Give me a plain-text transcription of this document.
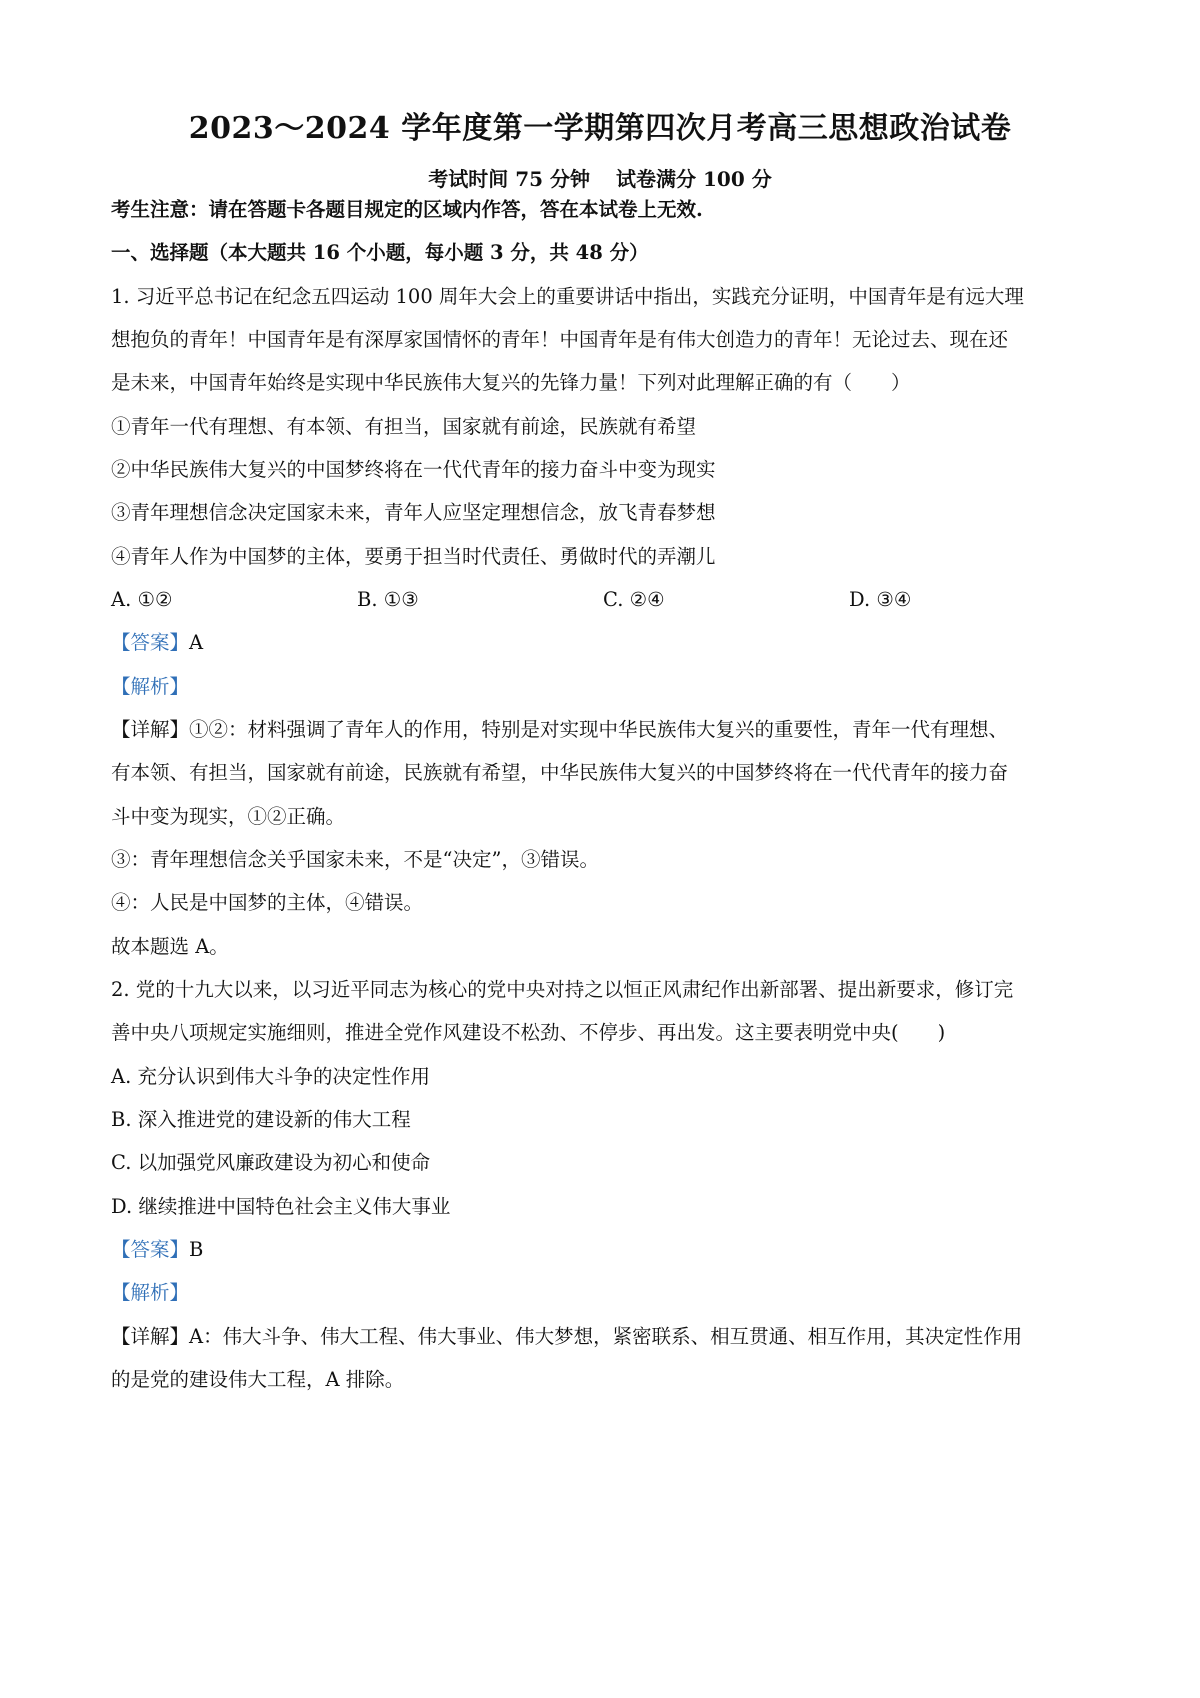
2023～2024 学年度第一学期第四次月考高三思想政治试卷
考试时间 75 分钟 试卷满分 100 分
考生注意：请在答题卡各题目规定的区域内作答，答在本试卷上无效.
一、选择题（本大题共 16 个小题，每小题 3 分，共 48 分）
1. 习近平总书记在纪念五四运动 100 周年大会上的重要讲话中指出，实践充分证明，中国青年是有远大理
想抱负的青年！中国青年是有深厚家国情怀的青年！中国青年是有伟大创造力的青年！无论过去、现在还
是未来，中国青年始终是实现中华民族伟大复兴的先锋力量！下列对此理解正确的有（　　）
①青年一代有理想、有本领、有担当，国家就有前途，民族就有希望
②中华民族伟大复兴的中国梦终将在一代代青年的接力奋斗中变为现实
③青年理想信念决定国家未来，青年人应坚定理想信念，放飞青春梦想
④青年人作为中国梦的主体，要勇于担当时代责任、勇做时代的弄潮儿
A. ①②	B. ①③	C. ②④	D. ③④
【答案】A
【解析】
【详解】①②：材料强调了青年人的作用，特别是对实现中华民族伟大复兴的重要性，青年一代有理想、
有本领、有担当，国家就有前途，民族就有希望，中华民族伟大复兴的中国梦终将在一代代青年的接力奋
斗中变为现实，①②正确。
③：青年理想信念关乎国家未来，不是“决定”，③错误。
④：人民是中国梦的主体，④错误。
故本题选 A。
2. 党的十九大以来，以习近平同志为核心的党中央对持之以恒正风肃纪作出新部署、提出新要求，修订完
善中央八项规定实施细则，推进全党作风建设不松劲、不停步、再出发。这主要表明党中央(　　)
A. 充分认识到伟大斗争的决定性作用
B. 深入推进党的建设新的伟大工程
C. 以加强党风廉政建设为初心和使命
D. 继续推进中国特色社会主义伟大事业
【答案】B
【解析】
【详解】A：伟大斗争、伟大工程、伟大事业、伟大梦想，紧密联系、相互贯通、相互作用，其决定性作用
的是党的建设伟大工程，A 排除。
